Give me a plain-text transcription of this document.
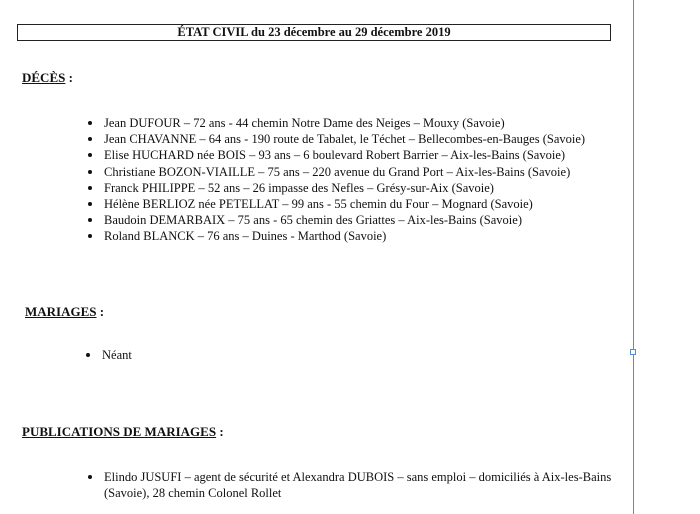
ÉTAT CIVIL du 23 décembre au 29 décembre 2019
DÉCÈS :
Jean DUFOUR – 72 ans - 44 chemin Notre Dame des Neiges – Mouxy (Savoie)
Jean CHAVANNE – 64 ans - 190 route de Tabalet, le Téchet – Bellecombes-en-Bauges (Savoie)
Elise HUCHARD née BOIS – 93 ans – 6 boulevard Robert Barrier – Aix-les-Bains (Savoie)
Christiane BOZON-VIAILLE – 75 ans – 220 avenue du Grand Port – Aix-les-Bains (Savoie)
Franck PHILIPPE – 52 ans – 26 impasse des Nefles – Grésy-sur-Aix (Savoie)
Hélène BERLIOZ née PETELLAT – 99 ans - 55 chemin du Four – Mognard (Savoie)
Baudoin DEMARBAIX – 75 ans - 65 chemin des Griattes – Aix-les-Bains (Savoie)
Roland BLANCK – 76 ans – Duines - Marthod (Savoie)
MARIAGES :
Néant
PUBLICATIONS DE MARIAGES :
Elindo JUSUFI – agent de sécurité et Alexandra DUBOIS – sans emploi – domiciliés à Aix-les-Bains (Savoie), 28 chemin Colonel Rollet
